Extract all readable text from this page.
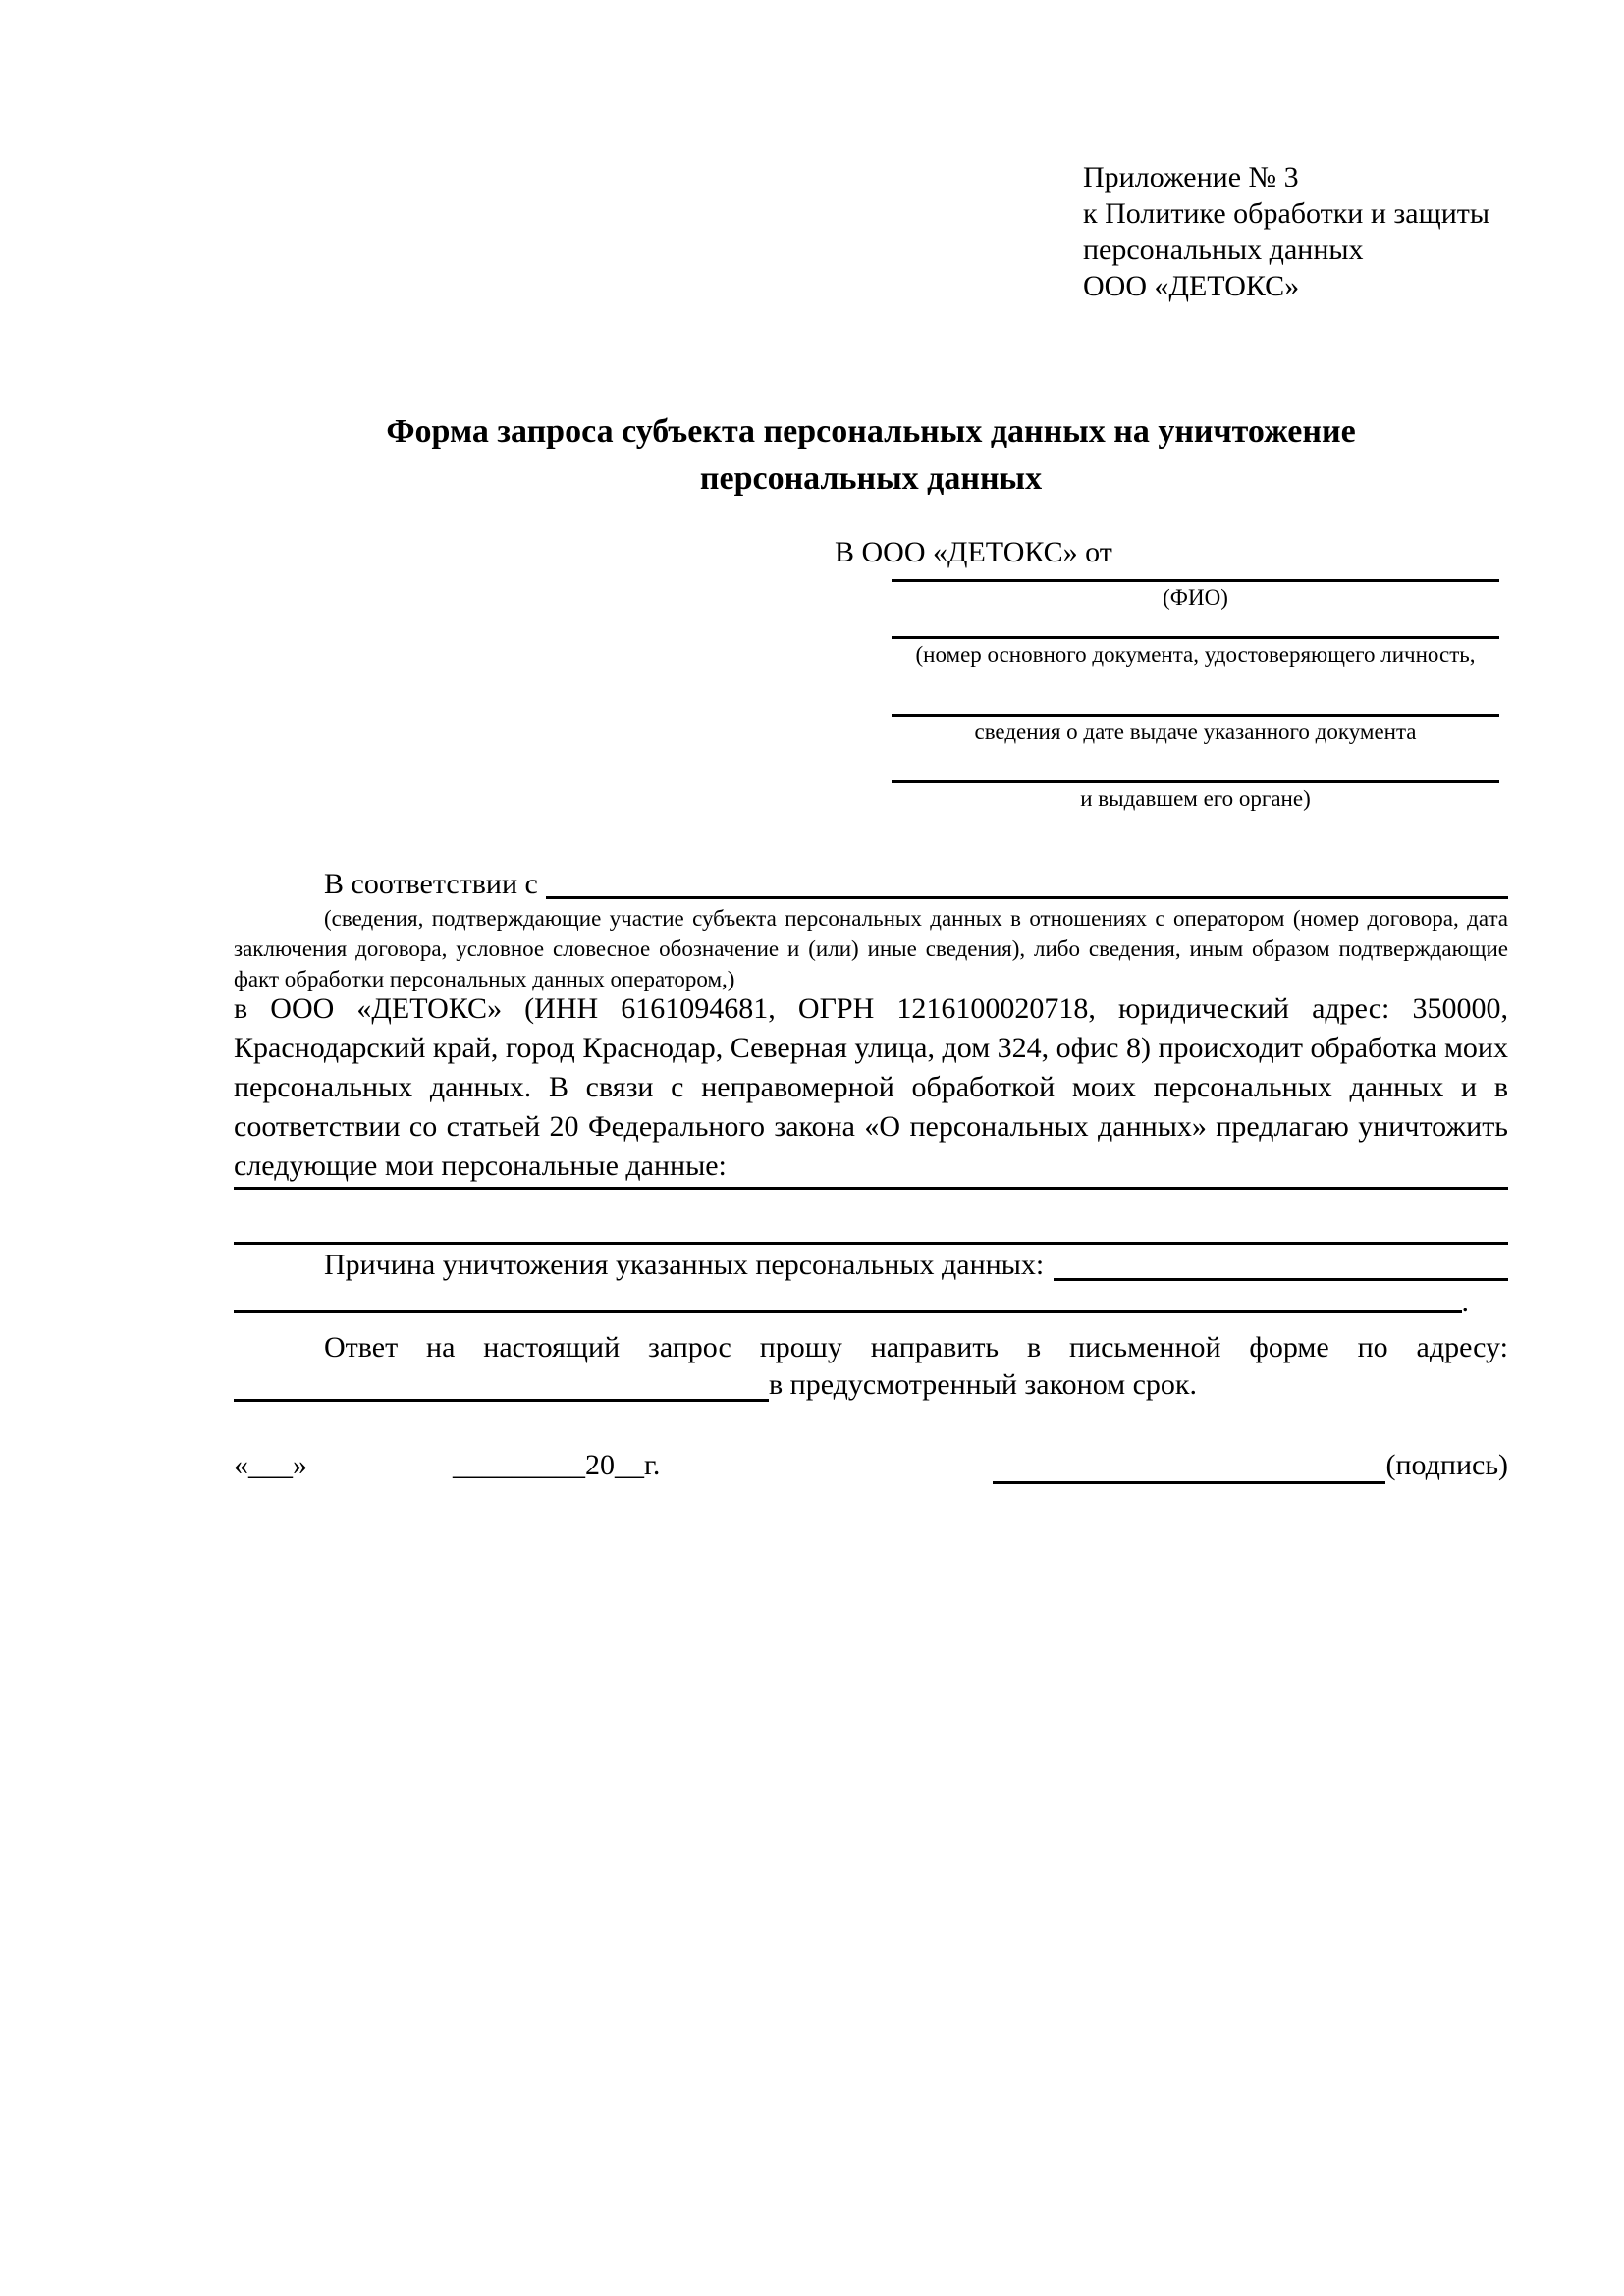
Приложение № 3
к Политике обработки и защиты
персональных данных
ООО «ДЕТОКС»
Форма запроса субъекта персональных данных на уничтожение
персональных данных
В ООО «ДЕТОКС» от
(ФИО)
(номер основного документа, удостоверяющего личность,
сведения о дате выдаче указанного документа
и выдавшем его органе)
В соответствии с
(сведения, подтверждающие участие субъекта персональных данных в отношениях с оператором (номер договора, дата заключения договора, условное словесное обозначение и (или) иные сведения), либо сведения, иным образом подтверждающие факт обработки персональных данных оператором,)
в ООО «ДЕТОКС» (ИНН 6161094681, ОГРН 1216100020718, юридический адрес: 350000, Краснодарский край, город Краснодар, Северная улица, дом 324, офис 8) происходит обработка моих персональных данных. В связи с неправомерной обработкой моих персональных данных и в соответствии со статьей 20 Федерального закона «О персональных данных» предлагаю уничтожить следующие мои персональные данные:
Причина уничтожения указанных персональных данных:
.
Ответ на настоящий запрос прошу направить в письменной форме по адресу:
в предусмотренный законом срок.
«___»	_________20__г.	(подпись)
